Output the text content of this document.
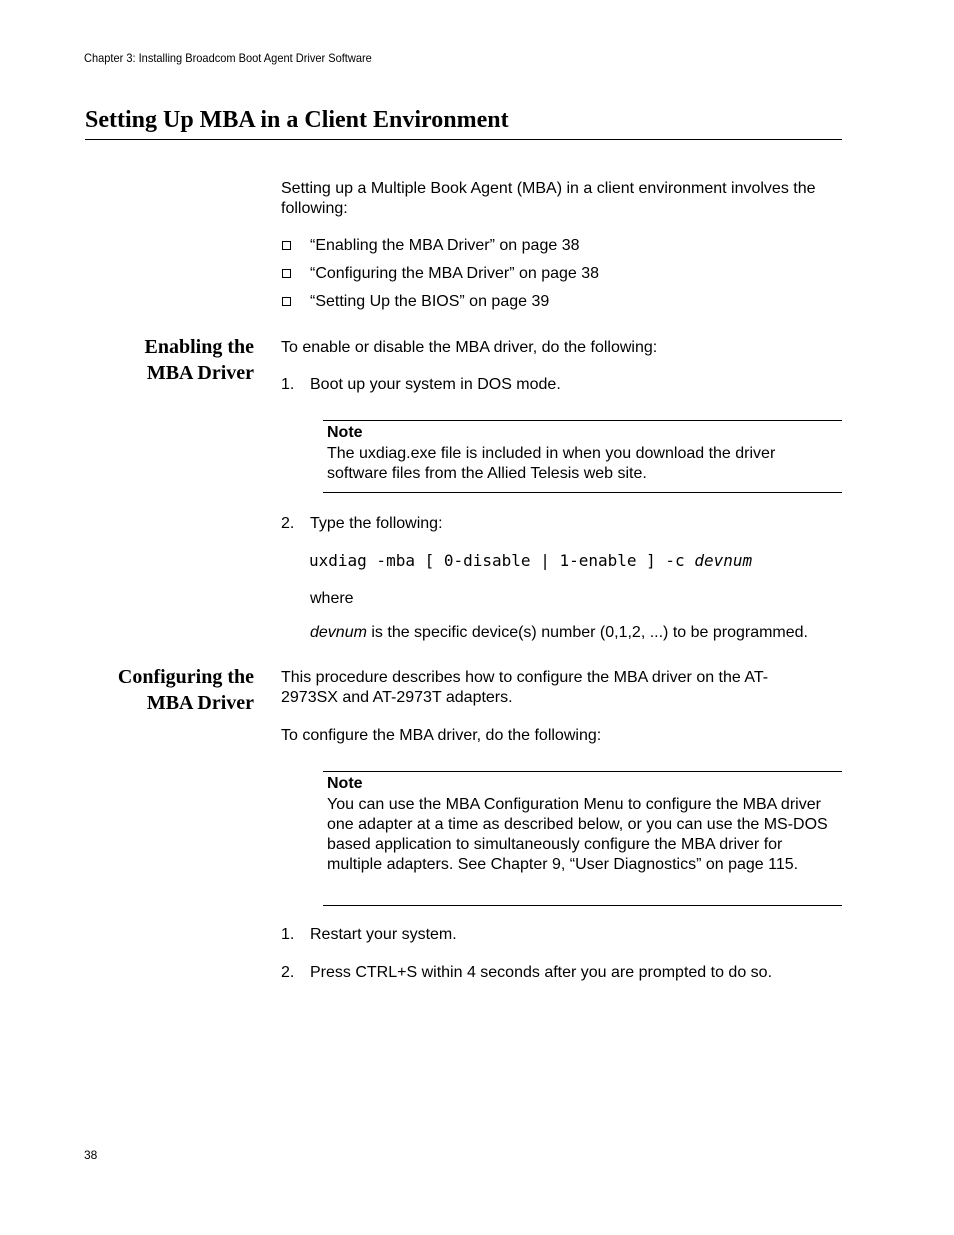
Chapter 3: Installing Broadcom Boot Agent Driver Software
Setting Up MBA in a Client Environment
Setting up a Multiple Book Agent (MBA) in a client environment involves the following:
“Enabling the MBA Driver” on page 38
“Configuring the MBA Driver” on page 38
“Setting Up the BIOS” on page 39
Enabling the
MBA Driver
To enable or disable the MBA driver, do the following:
1. Boot up your system in DOS mode.
Note
The uxdiag.exe file is included in when you download the driver software files from the Allied Telesis web site.
2. Type the following:
uxdiag -mba [ 0-disable | 1-enable ] -c devnum
where
devnum is the specific device(s) number (0,1,2, ...) to be programmed.
Configuring the
MBA Driver
This procedure describes how to configure the MBA driver on the AT-2973SX and AT-2973T adapters.
To configure the MBA driver, do the following:
Note
You can use the MBA Configuration Menu to configure the MBA driver one adapter at a time as described below, or you can use the MS-DOS based application to simultaneously configure the MBA driver for multiple adapters. See Chapter 9, “User Diagnostics” on page 115.
1. Restart your system.
2. Press CTRL+S within 4 seconds after you are prompted to do so.
38
